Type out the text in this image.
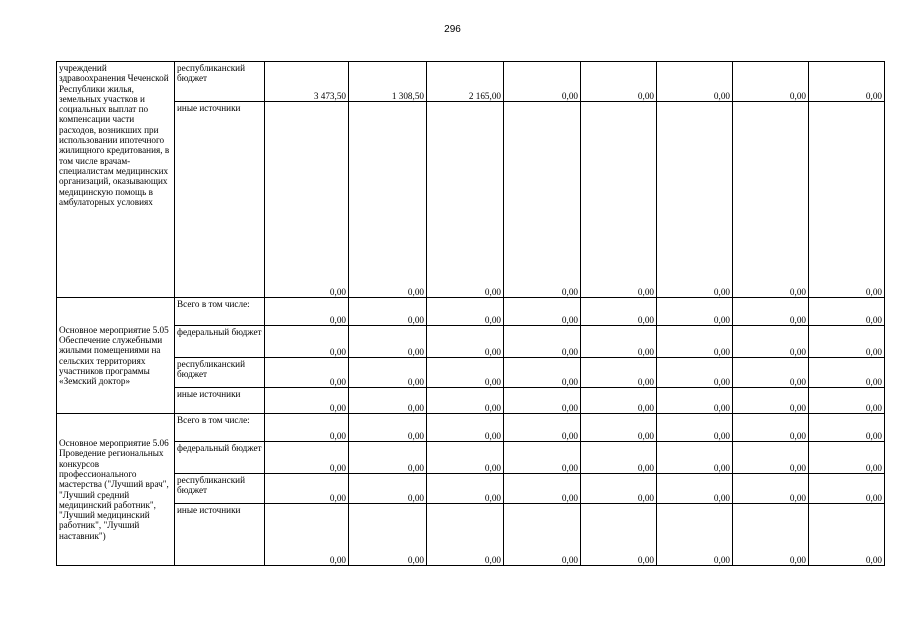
296
учреждений здравоохранения Чеченской Республики жилья, земельных участков и социальных выплат по компенсации части расходов, возникших при использовании ипотечного жилищного кредитования, в том числе врачам-специалистам медицинских организаций, оказывающих медицинскую помощь в амбулаторных условиях	республиканский бюджет	3 473,50	1 308,50	2 165,00	0,00	0,00	0,00	0,00	0,00
	иные источники	0,00	0,00	0,00	0,00	0,00	0,00	0,00	0,00
Основное мероприятие 5.05 Обеспечение служебными жилыми помещениями на сельских территориях участников программы «Земский доктор»	Всего в том числе:	0,00	0,00	0,00	0,00	0,00	0,00	0,00	0,00
	федеральный бюджет	0,00	0,00	0,00	0,00	0,00	0,00	0,00	0,00
	республиканский бюджет	0,00	0,00	0,00	0,00	0,00	0,00	0,00	0,00
	иные источники	0,00	0,00	0,00	0,00	0,00	0,00	0,00	0,00
Основное мероприятие 5.06 Проведение региональных конкурсов профессионального мастерства ("Лучший врач", "Лучший средний медицинский работник", "Лучший медицинский работник", "Лучший наставник")	Всего в том числе:	0,00	0,00	0,00	0,00	0,00	0,00	0,00	0,00
	федеральный бюджет	0,00	0,00	0,00	0,00	0,00	0,00	0,00	0,00
	республиканский бюджет	0,00	0,00	0,00	0,00	0,00	0,00	0,00	0,00
	иные источники	0,00	0,00	0,00	0,00	0,00	0,00	0,00	0,00
